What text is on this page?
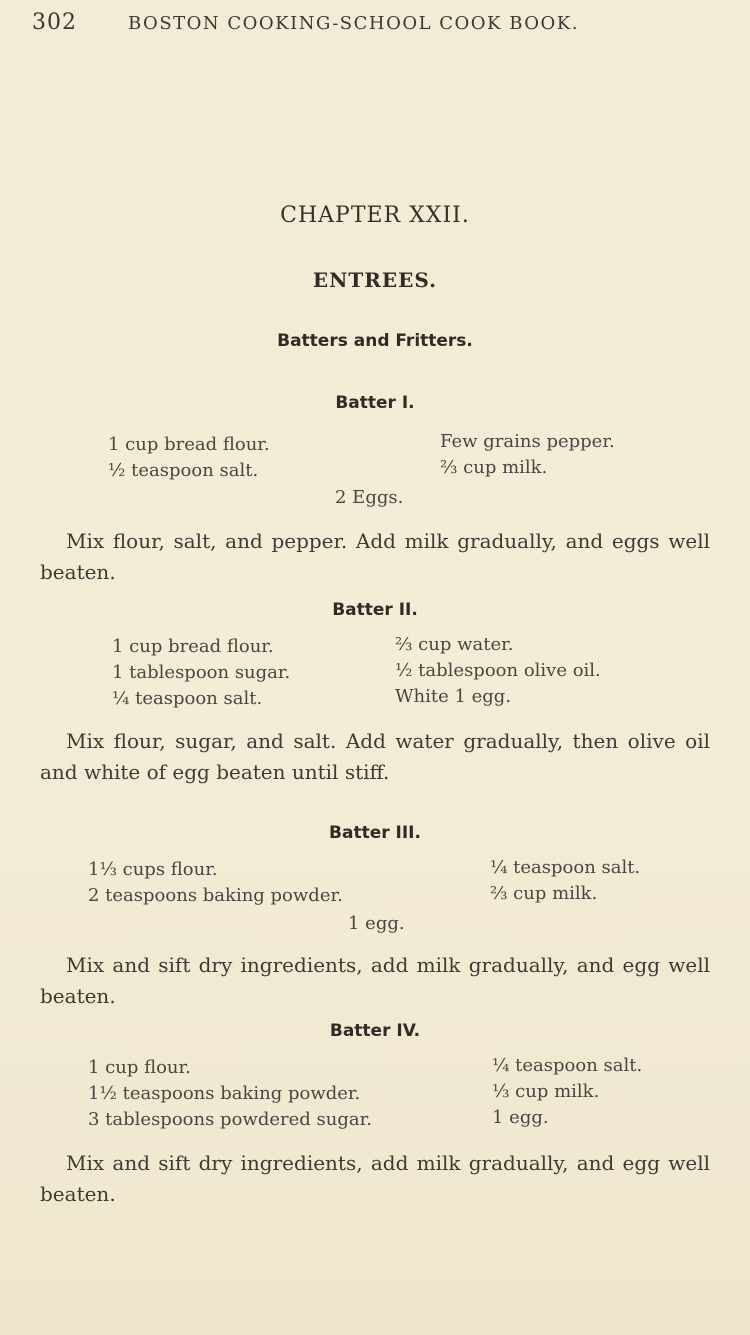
302	BOSTON COOKING-SCHOOL COOK BOOK.
CHAPTER XXII.
ENTREES.
Batters and Fritters.
Batter I.
1 cup bread flour.
½ teaspoon salt.
Few grains pepper.
⅔ cup milk.
2 Eggs.
Mix flour, salt, and pepper. Add milk gradually, and eggs well beaten.
Batter II.
1 cup bread flour.
1 tablespoon sugar.
¼ teaspoon salt.
⅔ cup water.
½ tablespoon olive oil.
White 1 egg.
Mix flour, sugar, and salt. Add water gradually, then olive oil and white of egg beaten until stiff.
Batter III.
1⅓ cups flour.
2 teaspoons baking powder.
¼ teaspoon salt.
⅔ cup milk.
1 egg.
Mix and sift dry ingredients, add milk gradually, and egg well beaten.
Batter IV.
1 cup flour.
1½ teaspoons baking powder.
3 tablespoons powdered sugar.
¼ teaspoon salt.
⅓ cup milk.
1 egg.
Mix and sift dry ingredients, add milk gradually, and egg well beaten.
